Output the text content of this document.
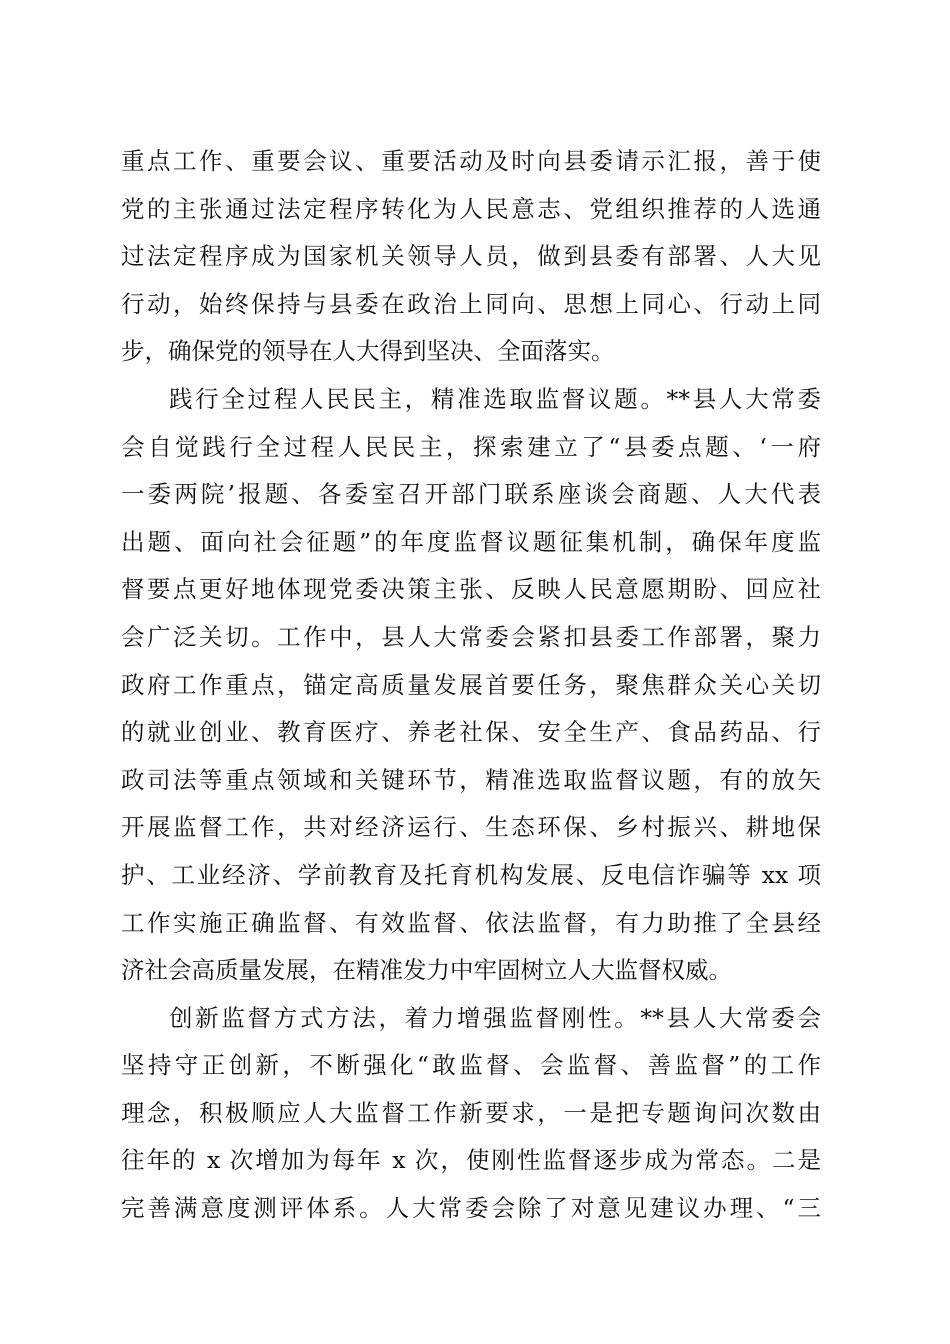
重点工作、重要会议、重要活动及时向县委请示汇报，善于使
党的主张通过法定程序转化为人民意志、党组织推荐的人选通
过法定程序成为国家机关领导人员，做到县委有部署、人大见
行动，始终保持与县委在政治上同向、思想上同心、行动上同
步，确保党的领导在人大得到坚决、全面落实。
践行全过程人民民主，精准选取监督议题。**县人大常委
会自觉践行全过程人民民主，探索建立了“县委点题、‘一府
一委两院’报题、各委室召开部门联系座谈会商题、人大代表
出题、面向社会征题”的年度监督议题征集机制，确保年度监
督要点更好地体现党委决策主张、反映人民意愿期盼、回应社
会广泛关切。工作中，县人大常委会紧扣县委工作部署，聚力
政府工作重点，锚定高质量发展首要任务，聚焦群众关心关切
的就业创业、教育医疗、养老社保、安全生产、食品药品、行
政司法等重点领域和关键环节，精准选取监督议题，有的放矢
开展监督工作，共对经济运行、生态环保、乡村振兴、耕地保
护、工业经济、学前教育及托育机构发展、反电信诈骗等 xx 项
工作实施正确监督、有效监督、依法监督，有力助推了全县经
济社会高质量发展，在精准发力中牢固树立人大监督权威。
创新监督方式方法，着力增强监督刚性。**县人大常委会
坚持守正创新，不断强化“敢监督、会监督、善监督”的工作
理念，积极顺应人大监督工作新要求，一是把专题询问次数由
往年的 x 次增加为每年 x 次，使刚性监督逐步成为常态。二是
完善满意度测评体系。人大常委会除了对意见建议办理、“三
